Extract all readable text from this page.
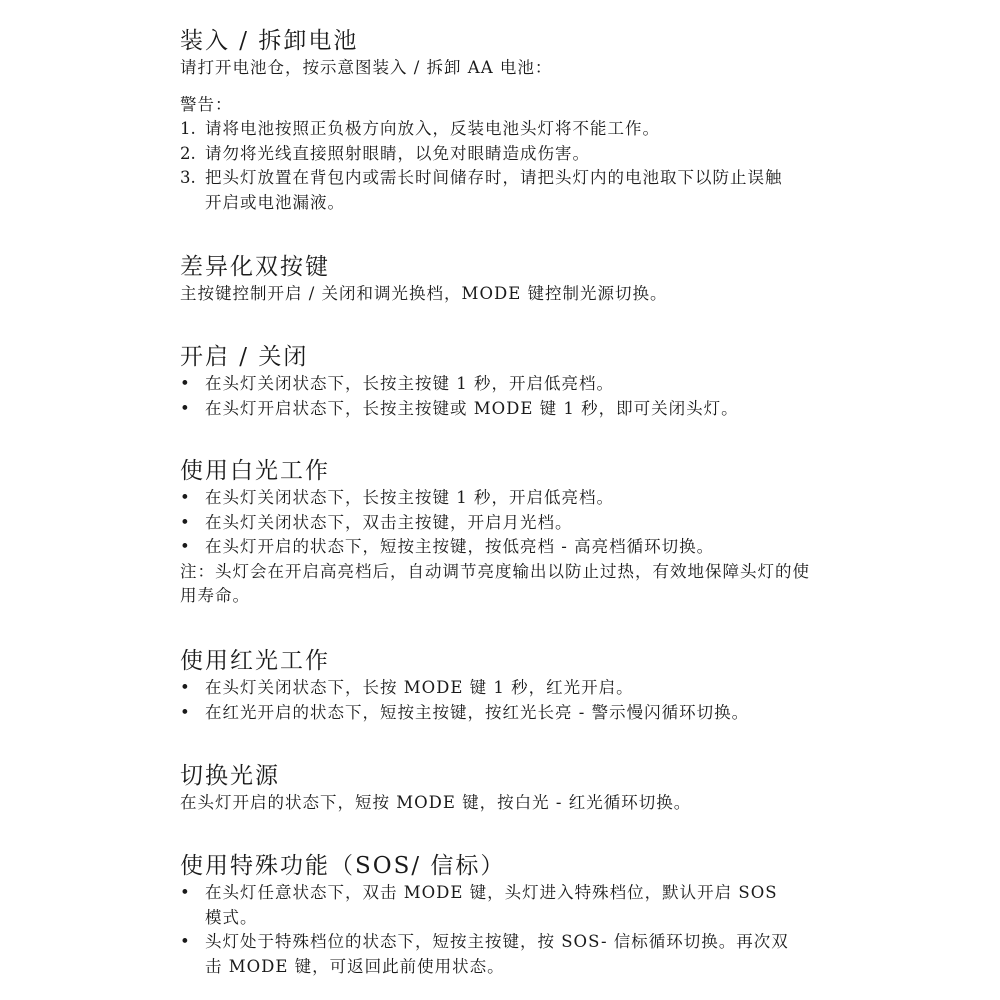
装入 / 拆卸电池

请打开电池仓，按示意图装入 / 拆卸 AA 电池：

警告：

1. 请将电池按照正负极方向放入，反装电池头灯将不能工作。
2. 请勿将光线直接照射眼睛，以免对眼睛造成伤害。
3. 把头灯放置在背包内或需长时间储存时，请把头灯内的电池取下以防止误触开启或电池漏液。
差异化双按键

主按键控制开启 / 关闭和调光换档，MODE 键控制光源切换。

开启 / 关闭
• 在头灯关闭状态下，长按主按键 1 秒，开启低亮档。
• 在头灯开启状态下，长按主按键或 MODE 键 1 秒，即可关闭头灯。
使用白光工作
• 在头灯关闭状态下，长按主按键 1 秒，开启低亮档。
• 在头灯关闭状态下，双击主按键，开启月光档。
• 在头灯开启的状态下，短按主按键，按低亮档 - 高亮档循环切换。

注：头灯会在开启高亮档后，自动调节亮度输出以防止过热，有效地保障头灯的使用寿命。

使用红光工作
• 在头灯关闭状态下，长按 MODE 键 1 秒，红光开启。
• 在红光开启的状态下，短按主按键，按红光长亮 - 警示慢闪循环切换。
切换光源

在头灯开启的状态下，短按 MODE 键，按白光 - 红光循环切换。

使用特殊功能（SOS/ 信标）
• 在头灯任意状态下，双击 MODE 键，头灯进入特殊档位，默认开启 SOS 模式。
• 头灯处于特殊档位的状态下，短按主按键，按 SOS- 信标循环切换。再次双击 MODE 键，可返回此前使用状态。
